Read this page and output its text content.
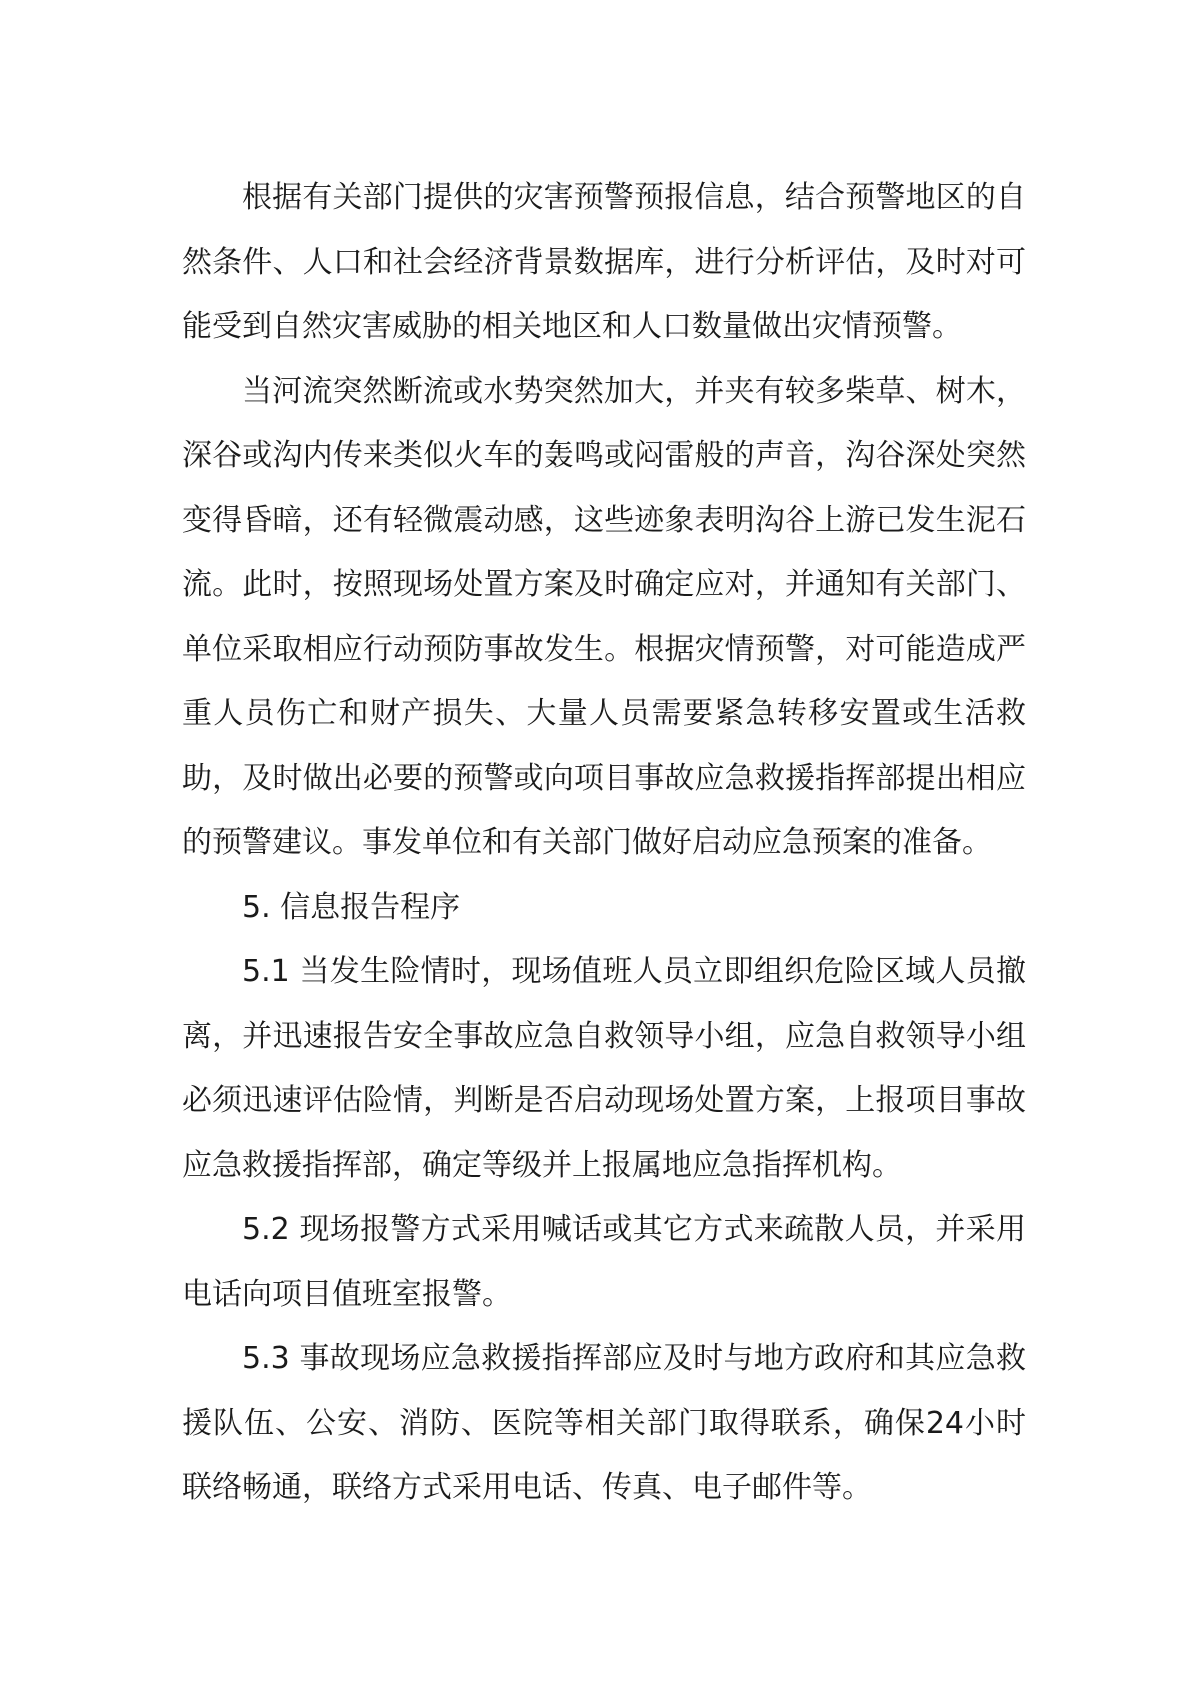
根据有关部门提供的灾害预警预报信息，结合预警地区的自然条件、人口和社会经济背景数据库，进行分析评估，及时对可能受到自然灾害威胁的相关地区和人口数量做出灾情预警。

当河流突然断流或水势突然加大，并夹有较多柴草、树木，深谷或沟内传来类似火车的轰鸣或闷雷般的声音，沟谷深处突然变得昏暗，还有轻微震动感，这些迹象表明沟谷上游已发生泥石流。此时，按照现场处置方案及时确定应对，并通知有关部门、单位采取相应行动预防事故发生。根据灾情预警，对可能造成严重人员伤亡和财产损失、大量人员需要紧急转移安置或生活救助，及时做出必要的预警或向项目事故应急救援指挥部提出相应的预警建议。事发单位和有关部门做好启动应急预案的准备。

5. 信息报告程序

5.1 当发生险情时，现场值班人员立即组织危险区域人员撤离，并迅速报告安全事故应急自救领导小组，应急自救领导小组必须迅速评估险情，判断是否启动现场处置方案，上报项目事故应急救援指挥部，确定等级并上报属地应急指挥机构。

5.2 现场报警方式采用喊话或其它方式来疏散人员，并采用电话向项目值班室报警。

5.3 事故现场应急救援指挥部应及时与地方政府和其应急救援队伍、公安、消防、医院等相关部门取得联系，确保24小时联络畅通，联络方式采用电话、传真、电子邮件等。
